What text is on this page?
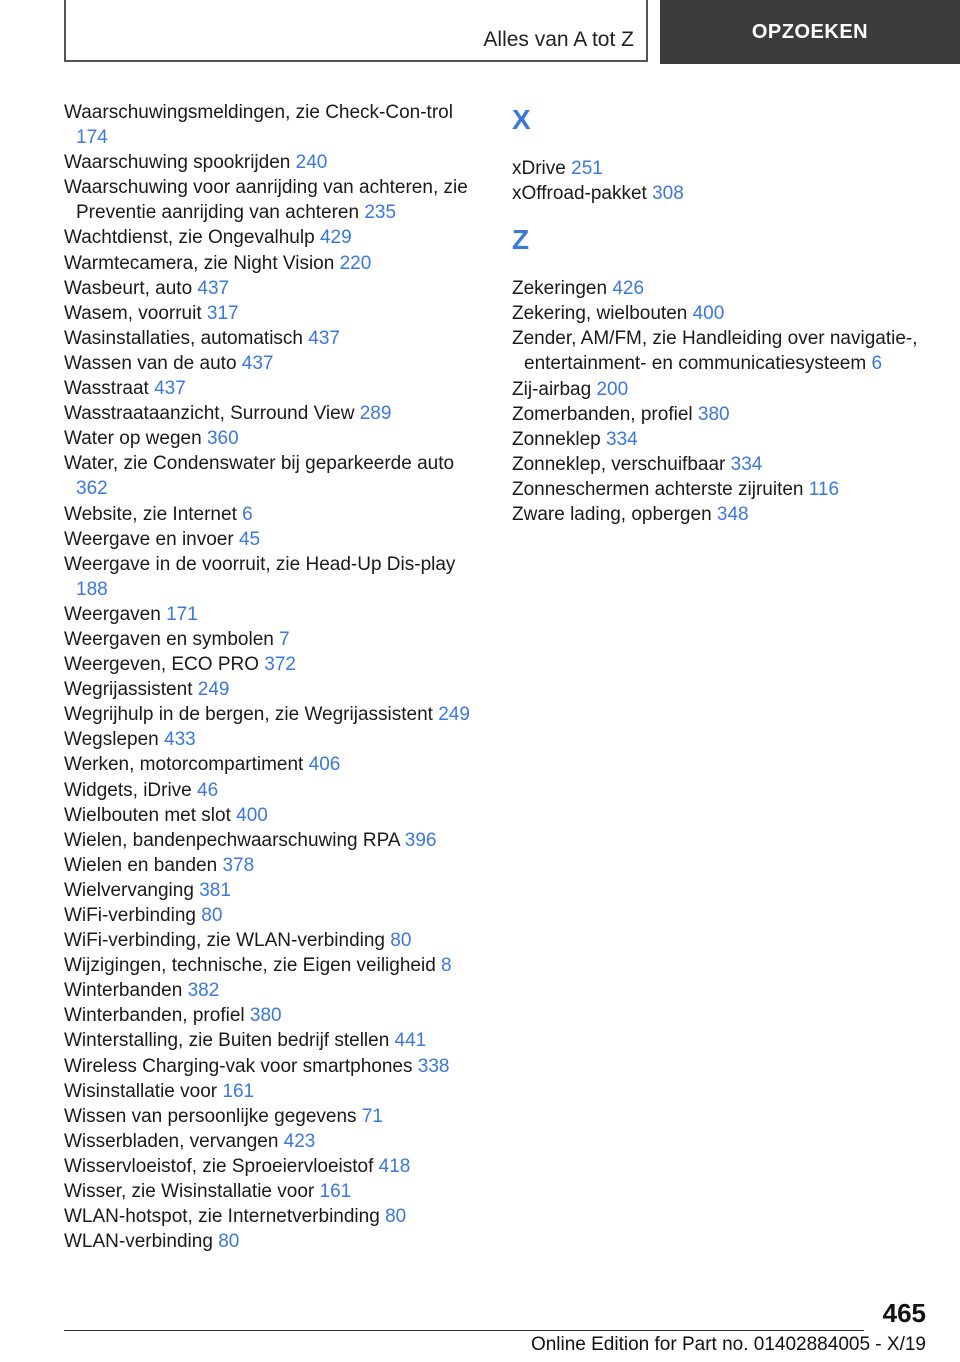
Alles van A tot Z	OPZOEKEN

Waarschuwingsmeldingen, zie Check-Con-trol 174

Waarschuwing spookrijden 240

Waarschuwing voor aanrijding van achteren, zie Preventie aanrijding van achteren 235

Wachtdienst, zie Ongevalhulp 429

Warmtecamera, zie Night Vision 220

Wasbeurt, auto 437

Wasem, voorruit 317

Wasinstallaties, automatisch 437

Wassen van de auto 437

Wasstraat 437

Wasstraataanzicht, Surround View 289

Water op wegen 360

Water, zie Condenswater bij geparkeerde auto 362

Website, zie Internet 6

Weergave en invoer 45

Weergave in de voorruit, zie Head-Up Dis-play 188

Weergaven 171

Weergaven en symbolen 7

Weergeven, ECO PRO 372

Wegrijassistent 249

Wegrijhulp in de bergen, zie Wegrijassistent 249

Wegslepen 433

Werken, motorcompartiment 406

Widgets, iDrive 46

Wielbouten met slot 400

Wielen, bandenpechwaarschuwing RPA 396

Wielen en banden 378

Wielvervanging 381

WiFi-verbinding 80

WiFi-verbinding, zie WLAN-verbinding 80

Wijzigingen, technische, zie Eigen veiligheid 8

Winterbanden 382

Winterbanden, profiel 380

Winterstalling, zie Buiten bedrijf stellen 441

Wireless Charging-vak voor smartphones 338

Wisinstallatie voor 161

Wissen van persoonlijke gegevens 71

Wisserbladen, vervangen 423

Wisservloeistof, zie Sproeiervloeistof 418

Wisser, zie Wisinstallatie voor 161

WLAN-hotspot, zie Internetverbinding 80

WLAN-verbinding 80

X

xDrive 251

xOffroad-pakket 308

Z

Zekeringen 426

Zekering, wielbouten 400

Zender, AM/FM, zie Handleiding over navigatie-, entertainment- en communicatiesysteem 6

Zij-airbag 200

Zomerbanden, profiel 380

Zonneklep 334

Zonneklep, verschuifbaar 334

Zonneschermen achterste zijruiten 116

Zware lading, opbergen 348

465
Online Edition for Part no. 01402884005 - X/19
